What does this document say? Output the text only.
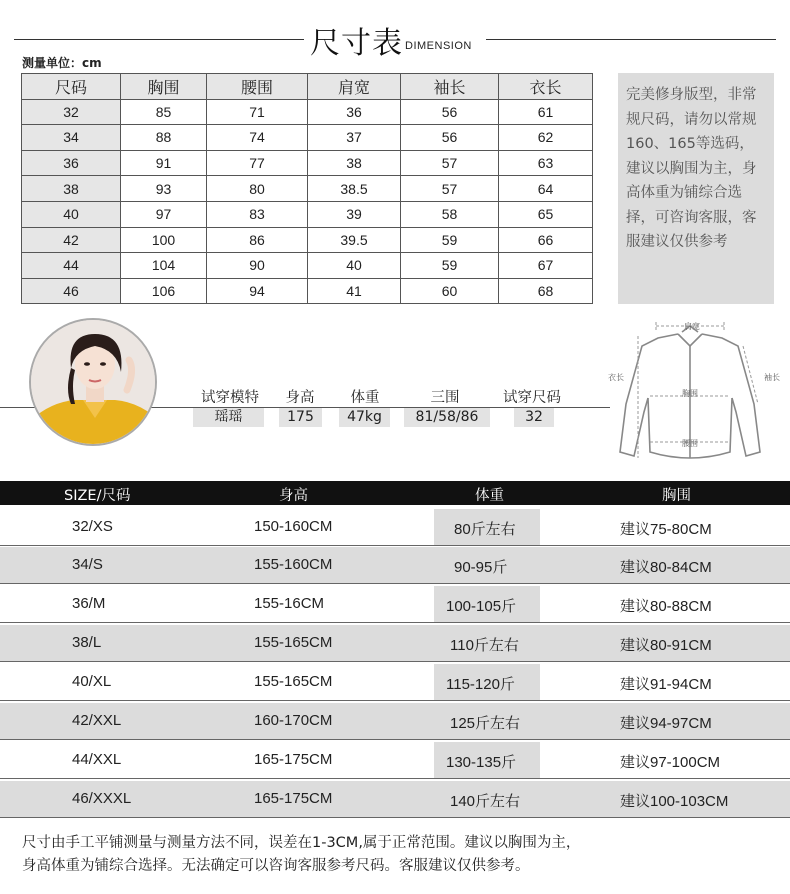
尺寸表 DIMENSION
测量单位：cm
尺码	胸围	腰围	肩宽	袖长	衣长
32	85	71	36	56	61
34	88	74	37	56	62
36	91	77	38	57	63
38	93	80	38.5	57	64
40	97	83	39	58	65
42	100	86	39.5	59	66
44	104	90	40	59	67
46	106	94	41	60	68
完美修身版型，非常规尺码，请勿以常规160、165等选码，建议以胸围为主，身高体重为铺综合选择，可咨询客服，客服建议仅供参考
试穿模特	身高	体重	三围	试穿尺码
瑶瑶	175	47kg	81/58/86	32
肩宽
衣长	袖长
胸围
腰围
SIZE/尺码	身高	体重	胸围
32/XS	150-160CM	80斤左右	建议75-80CM
34/S	155-160CM	90-95斤	建议80-84CM
36/M	155-16CM	100-105斤	建议80-88CM
38/L	155-165CM	110斤左右	建议80-91CM
40/XL	155-165CM	115-120斤	建议91-94CM
42/XXL	160-170CM	125斤左右	建议94-97CM
44/XXL	165-175CM	130-135斤	建议97-100CM
46/XXXL	165-175CM	140斤左右	建议100-103CM
尺寸由手工平铺测量与测量方法不同，误差在1-3CM,属于正常范围。建议以胸围为主，
身高体重为铺综合选择。无法确定可以咨询客服参考尺码。客服建议仅供参考。
